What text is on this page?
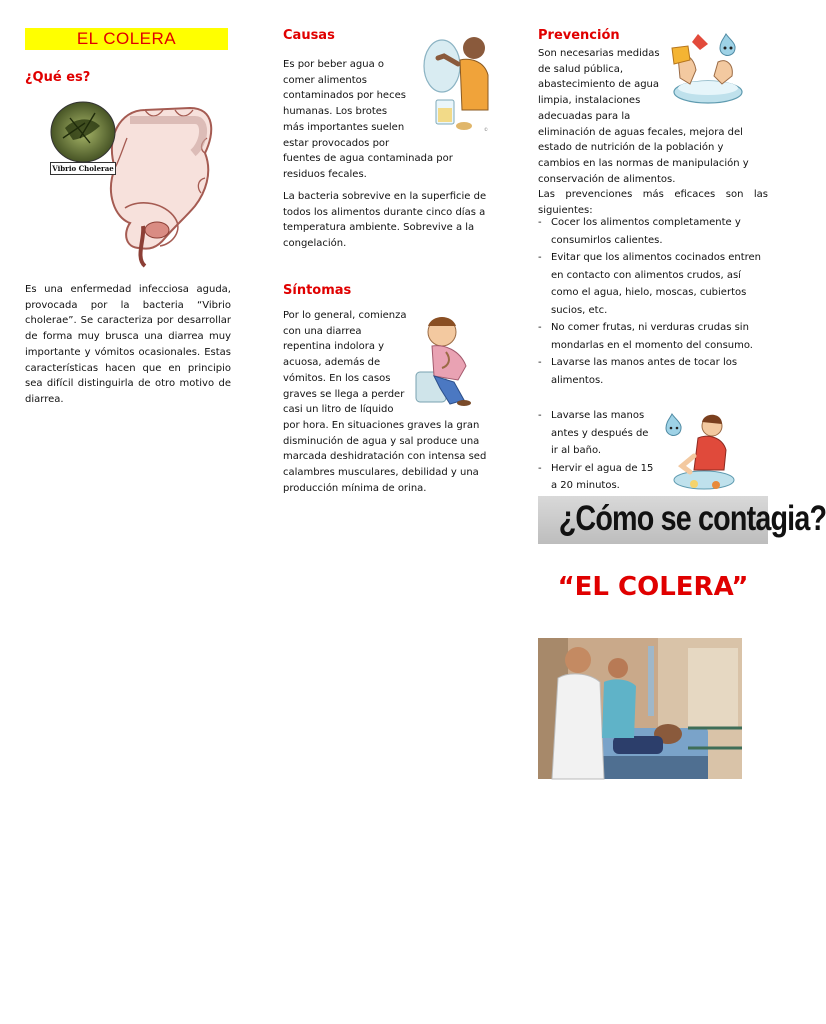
EL COLERA
¿Qué es?
Vibrio Cholerae
Es una enfermedad infecciosa aguda, provocada por la bacteria “Vibrio cholerae”. Se caracteriza por desarrollar de forma muy brusca una diarrea muy importante y vómitos ocasionales. Estas características hacen que en principio sea difícil distinguirla de otro motivo de diarrea.
Causas
Es por beber agua o
comer alimentos
contaminados por heces
humanas. Los brotes
más importantes suelen
estar provocados por
fuentes de agua contaminada por
residuos fecales.
©
La bacteria sobrevive en la superficie de todos los alimentos durante cinco días a temperatura ambiente. Sobrevive a la congelación.
Síntomas
Por lo general, comienza
con una diarrea
repentina indolora y
acuosa, además de
vómitos. En los casos
graves se llega a perder
casi un litro de líquido
por hora. En situaciones graves la gran
disminución de agua y sal produce una
marcada deshidratación con intensa sed
calambres musculares, debilidad y una
producción mínima de orina.
Prevención
Son necesarias medidas
de salud pública,
abastecimiento de agua
limpia, instalaciones
adecuadas para la
eliminación de aguas fecales, mejora del
estado de nutrición de la población y
cambios en las normas de manipulación y
conservación de alimentos.
Las prevenciones más eficaces son las siguientes:
- Cocer los alimentos completamente y consumirlos calientes.
- Evitar que los alimentos cocinados entren en contacto con alimentos crudos, así como el agua, hielo, moscas, cubiertos sucios, etc.
- No comer frutas, ni verduras crudas sin mondarlas en el momento del consumo.
- Lavarse las manos antes de tocar los alimentos.
- Lavarse las manos
antes y después de
ir al baño.
- Hervir el agua de 15
a 20 minutos.
¿Cómo se contagia?
“EL COLERA”
